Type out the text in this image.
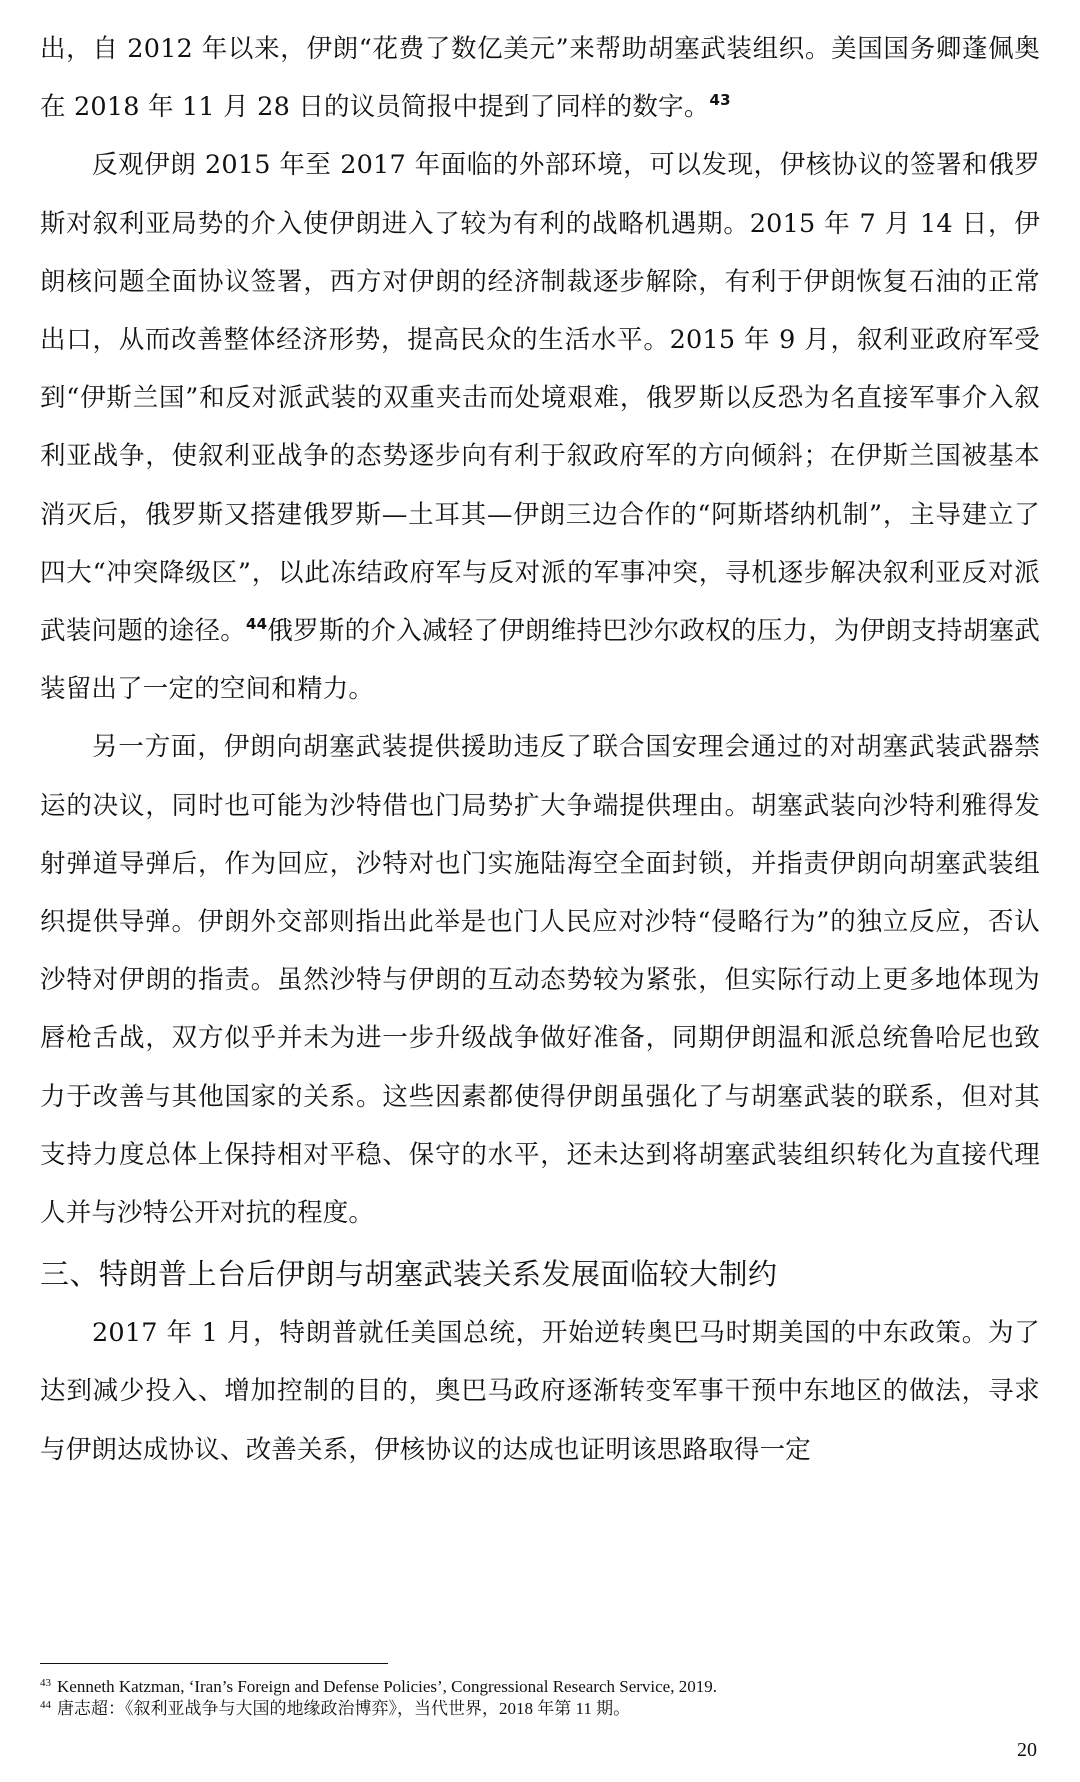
出，自 2012 年以来，伊朗“花费了数亿美元”来帮助胡塞武装组织。美国国务卿蓬佩奥在 2018 年 11 月 28 日的议员简报中提到了同样的数字。$^{43}$

反观伊朗 2015 年至 2017 年面临的外部环境，可以发现，伊核协议的签署和俄罗斯对叙利亚局势的介入使伊朗进入了较为有利的战略机遇期。2015 年 7 月 14 日，伊朗核问题全面协议签署，西方对伊朗的经济制裁逐步解除，有利于伊朗恢复石油的正常出口，从而改善整体经济形势，提高民众的生活水平。2015 年 9 月，叙利亚政府军受到“伊斯兰国”和反对派武装的双重夹击而处境艰难，俄罗斯以反恐为名直接军事介入叙利亚战争，使叙利亚战争的态势逐步向有利于叙政府军的方向倾斜；在伊斯兰国被基本消灭后，俄罗斯又搭建俄罗斯—土耳其—伊朗三边合作的“阿斯塔纳机制”，主导建立了四大“冲突降级区”，以此冻结政府军与反对派的军事冲突，寻机逐步解决叙利亚反对派武装问题的途径。$^{44}$俄罗斯的介入减轻了伊朗维持巴沙尔政权的压力，为伊朗支持胡塞武装留出了一定的空间和精力。

另一方面，伊朗向胡塞武装提供援助违反了联合国安理会通过的对胡塞武装武器禁运的决议，同时也可能为沙特借也门局势扩大争端提供理由。胡塞武装向沙特利雅得发射弹道导弹后，作为回应，沙特对也门实施陆海空全面封锁，并指责伊朗向胡塞武装组织提供导弹。伊朗外交部则指出此举是也门人民应对沙特“侵略行为”的独立反应，否认沙特对伊朗的指责。虽然沙特与伊朗的互动态势较为紧张，但实际行动上更多地体现为唇枪舌战，双方似乎并未为进一步升级战争做好准备，同期伊朗温和派总统鲁哈尼也致力于改善与其他国家的关系。这些因素都使得伊朗虽强化了与胡塞武装的联系，但对其支持力度总体上保持相对平稳、保守的水平，还未达到将胡塞武装组织转化为直接代理人并与沙特公开对抗的程度。

三、特朗普上台后伊朗与胡塞武装关系发展面临较大制约

2017 年 1 月，特朗普就任美国总统，开始逆转奥巴马时期美国的中东政策。为了达到减少投入、增加控制的目的，奥巴马政府逐渐转变军事干预中东地区的做法，寻求与伊朗达成协议、改善关系，伊核协议的达成也证明该思路取得一定

$^{43}$ Kenneth Katzman, ‘Iran’s Foreign and Defense Policies’, Congressional Research Service, 2019.
$^{44}$ 唐志超：《叙利亚战争与大国的地缘政治博弈》，当代世界，2018 年第 11 期。
20
